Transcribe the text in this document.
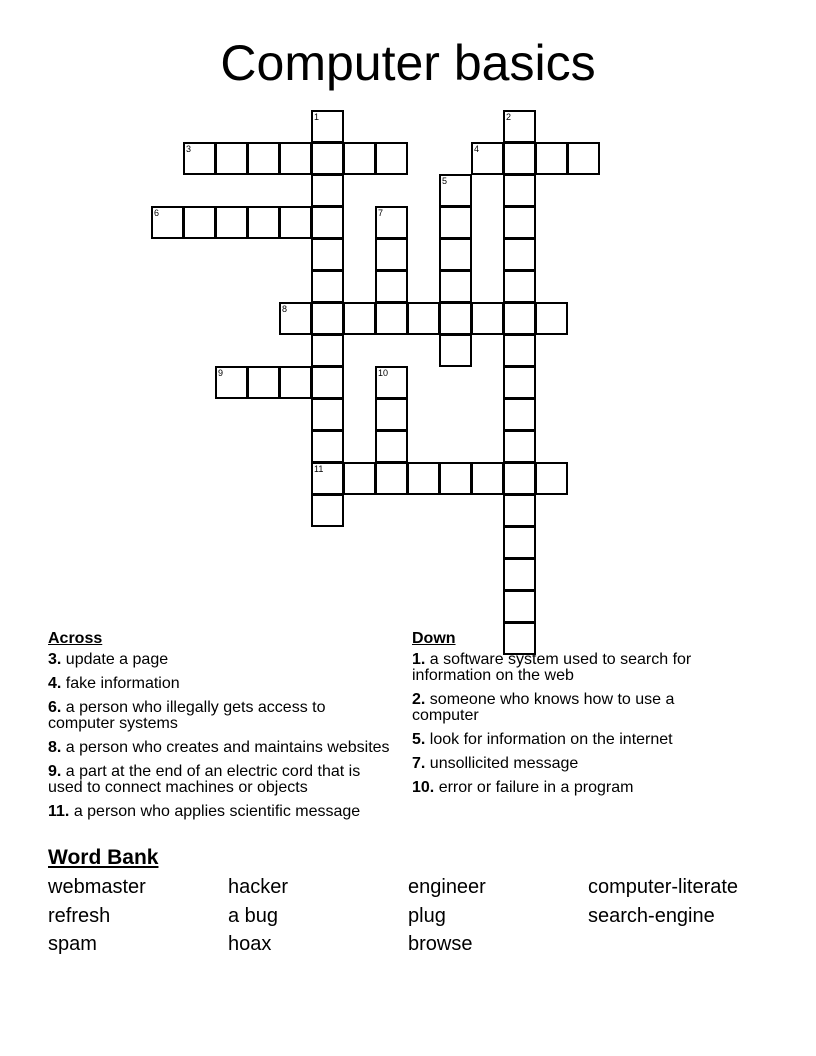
Computer basics
1
11
2
3	4
5
6	7
8
9	10
Across
3. update a page
4. fake information
6. a person who illegally gets access to computer systems
8. a person who creates and maintains websites
9. a part at the end of an electric cord that is used to connect machines or objects
11. a person who applies scientific message
Down
1. a software system used to search for information on the web
2. someone who knows how to use a computer
5. look for information on the internet
7. unsollicited message
10. error or failure in a program
Word Bank
webmaster	hacker	engineer	computer-literate
refresh	a bug	plug	search-engine
spam	hoax	browse
